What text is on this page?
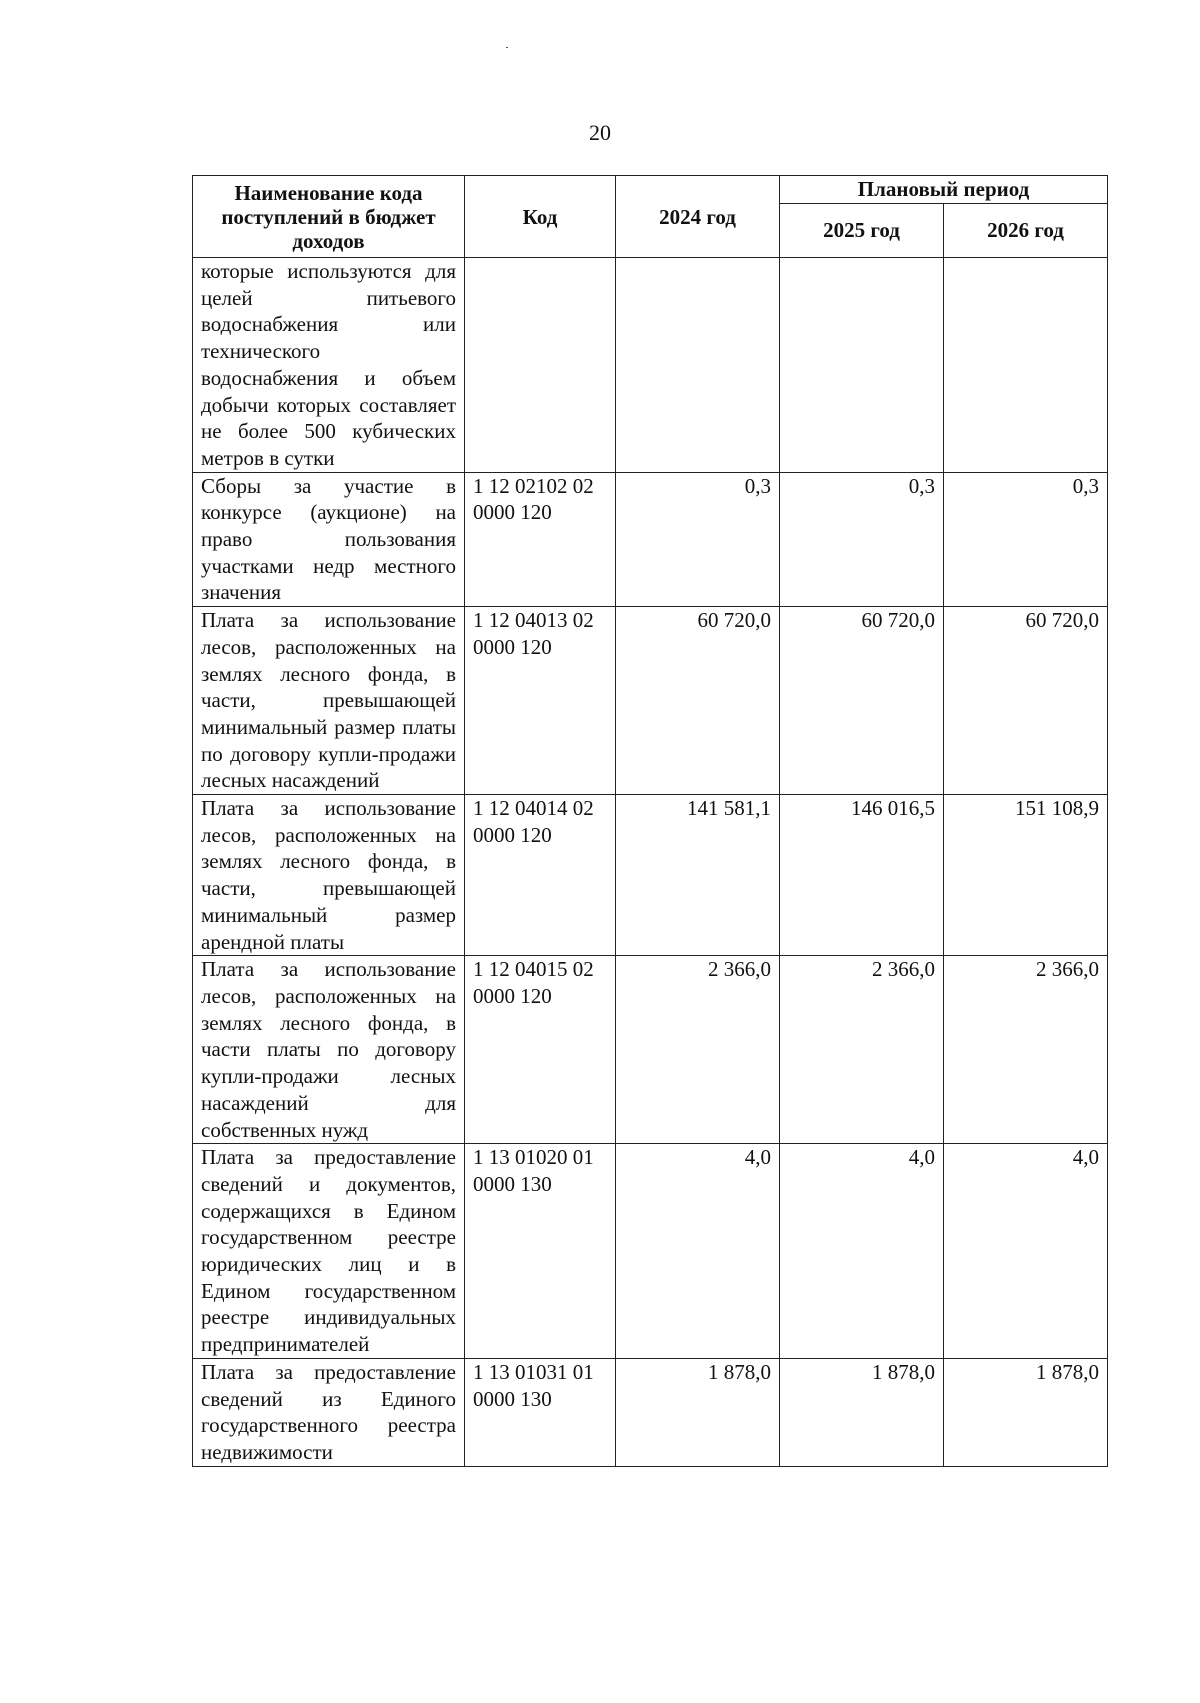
20
Наименование кода поступлений в бюджет доходов	Код	2024 год	Плановый период	
			2025 год	2026 год
которые используются для целей питьевого водоснабжения или технического водоснабжения и объем добычи которых составляет не более 500 кубических метров в сутки				
Сборы за участие в конкурсе (аукционе) на право пользования участками недр местного значения	1 12 02102 02 0000 120	0,3	0,3	0,3
Плата за использование лесов, расположенных на землях лесного фонда, в части, превышающей минимальный размер платы по договору купли-продажи лесных насаждений	1 12 04013 02 0000 120	60 720,0	60 720,0	60 720,0
Плата за использование лесов, расположенных на землях лесного фонда, в части, превышающей минимальный размер арендной платы	1 12 04014 02 0000 120	141 581,1	146 016,5	151 108,9
Плата за использование лесов, расположенных на землях лесного фонда, в части платы по договору купли-продажи лесных насаждений для собственных нужд	1 12 04015 02 0000 120	2 366,0	2 366,0	2 366,0
Плата за предоставление сведений и документов, содержащихся в Едином государственном реестре юридических лиц и в Едином государственном реестре индивидуальных предпринимателей	1 13 01020 01 0000 130	4,0	4,0	4,0
Плата за предоставление сведений из Единого государственного реестра недвижимости	1 13 01031 01 0000 130	1 878,0	1 878,0	1 878,0
